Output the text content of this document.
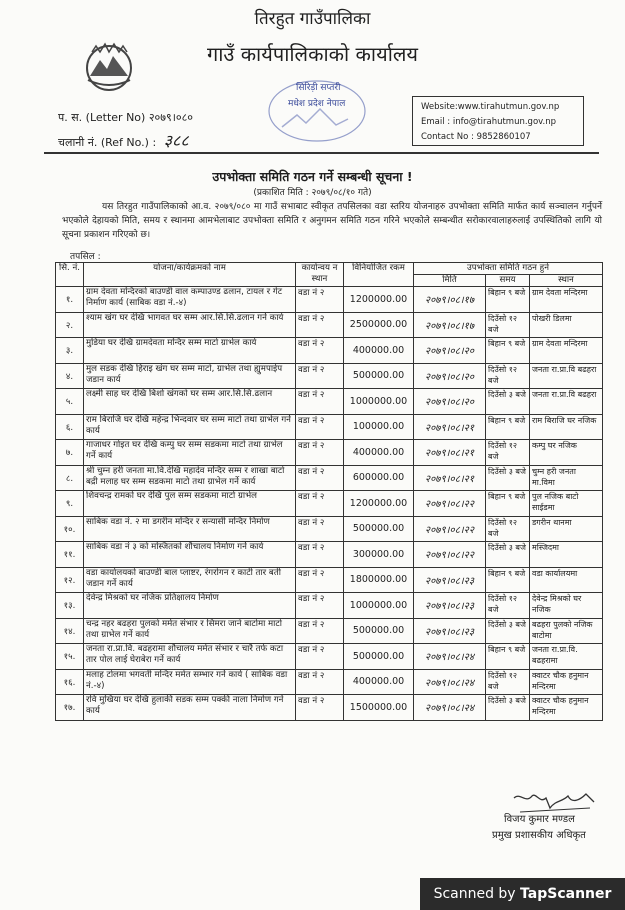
तिरहुत गाउँपालिका
गाउँ कार्यपालिकाको कार्यालय
सिरिड़ी सप्तरी
मधेश प्रदेश नेपाल
प. स. (Letter No) २०७९।०८०
चलानी नं. (Ref No.) : ३८८
Website:www.tirahutmun.gov.np
Email : info@tirahutmun.gov.np
Contact No : 9852860107
उपभोक्ता समिति गठन गर्ने सम्बन्धी सूचना !
(प्रकाशित मिति : २०७९/०८/१० गते)
यस तिरहुत गाउँपालिकाको आ.व. २०७९/०८० मा गाउँ सभाबाट स्वीकृत तपसिलका वडा स्तरिय योजनाहरु उपभोक्ता समिति मार्फत कार्य सञ्चालन गर्नुपर्ने भएकोले देहायको मिति, समय र स्थानमा आमभेलाबाट उपभोक्ता समिति र अनुगमन समिति गठन गरिने भएकोले सम्बन्धीत सरोकारवालाहरुलाई उपस्थितिको लागि यो सूचना प्रकाशन गरिएको छ।
तपसिल :
सि. नं.	योजना/कार्यक्रमको नाम	कार्यान्वय न स्थान	विनियोजित रकम	उपभोक्ता समिति गठन हुने		
				मिति	समय	स्थान
१.	ग्राम देवता मन्दिरको बाउण्डी वाल कम्पाउण्ड ढलान, टायल र गेट निर्माण कार्य (साबिक वडा नं.-४)	वडा नं २	1200000.00	२०७९।०८।१७	बिहान ९ बजे	ग्राम देवता मन्दिरमा
२.	श्याम खंग घर देखि भागवत घर सम्म आर.सि.सि.ढलान गर्ने कार्य	वडा नं २	2500000.00	२०७९।०८।१७	दिउँसो १२ बजे	पोखरी डिलमा
३.	मुडिया घर देखि ग्रामदेवता मन्दिर सम्म माटो ग्राभेल कार्य	वडा नं २	400000.00	२०७९।०८।२०	बिहान ९ बजे	ग्राम देवता मन्दिरमा
४.	मुल सडक देखि हिराइ खंग घर सम्म माटो, ग्राभेल तथा ह्युमपाईप जडान कार्य	वडा नं २	500000.00	२०७९।०८।२०	दिउँसो १२ बजे	जनता रा.प्रा.वि बढहरा
५.	लक्ष्मी साह घर देखि बिशो खंगको घर सम्म आर.सि.सि.ढलान	वडा नं २	1000000.00	२०७९।०८।२०	दिउँसो ३ बजे	जनता रा.प्रा.वि बढहरा
६.	राम बिराजि घर देखि महेन्द्र भिन्दवार घर सम्म माटो तथा ग्राभेल गर्ने कार्य	वडा नं २	100000.00	२०७९।०८।२१	बिहान ९ बजे	राम बिराजि घर नजिक
७.	गाजाधर गोइत घर देखि कम्पु घर सम्म सडकमा माटो तथा ग्राभेल गर्ने कार्य	वडा नं २	400000.00	२०७९।०८।२१	दिउँसो १२ बजे	कम्पु घर नजिक
८.	श्री चुम्न हरी जनता मा.वि.देखि महादेव मन्दिर सम्म र शाखा बाटो बद्री मलाह घर सम्म सडकमा माटो तथा ग्राभेल गर्ने कार्य	वडा नं २	600000.00	२०७९।०८।२१	दिउँसो ३ बजे	चुम्न हरी जनता मा.विमा
९.	शिवचन्द्र रामको घर देखि पुल सम्म सडकमा माटो ग्राभेल	वडा नं २	1200000.00	२०७९।०८।२२	बिहान ९ बजे	पुल नजिक बाटो साईडमा
१०.	साबिक वडा नं. २ मा डगरीन मन्दिर र सन्यासी मन्दिर निर्माण	वडा नं २	500000.00	२०७९।०८।२२	दिउँसो १२ बजे	डगरीन थानमा
११.	साबिक वडा नं ३ को मस्जितको शौचालय निर्माण गर्ने कार्य	वडा नं २	300000.00	२०७९।०८।२२	दिउँसो ३ बजे	मस्जिदमा
१२.	वडा कार्यालयको बाउण्डी बाल प्लाष्टर, रंगरोगन र काटी तार बती जडान गर्ने कार्य	वडा नं २	1800000.00	२०७९।०८।२३	बिहान ९ बजे	वडा कार्यालयमा
१३.	देवेन्द्र मिश्रको घर नजिक प्रतिक्षालय निर्माण	वडा नं २	1000000.00	२०७९।०८।२३	दिउँसो १२ बजे	देवेन्द्र मिश्रको घर नजिक
१४.	चन्द्र नहर बढहरा पुलको मर्मत संभार र सिमरा जाने बाटोमा माटो तथा ग्राभेल गर्ने कार्य	वडा नं २	500000.00	२०७९।०८।२३	दिउँसो ३ बजे	बढहरा पुलको नजिक बाटोमा
१५.	जनता रा.प्रा.वि. बढहरामा शौचालय मर्मत संभार र चारै तर्फ कटा तार पोल लाई घेराबेरा गर्ने कार्य	वडा नं २	500000.00	२०७९।०८।२४	बिहान ९ बजे	जनता रा.प्रा.वि. बढहरामा
१६.	मलाह टोलमा भगवती मन्दिर मर्मत सम्भार गर्ने कार्य ( साबिक वडा नं.-४)	वडा नं २	400000.00	२०७९।०८।२४	दिउँसो १२ बजे	क्वाटर चौक हनुमान मन्दिरमा
१७.	रवि मुखिया घर देखि हुलाकी सडक सम्म पक्की नाला निर्माण गर्ने कार्य	वडा नं २	1500000.00	२०७९।०८।२४	दिउँसो ३ बजे	क्वाटर चौक हनुमान मन्दिरमा
विजय कुमार मण्डल
प्रमुख प्रशासकीय अधिकृत
Scanned by TapScanner
